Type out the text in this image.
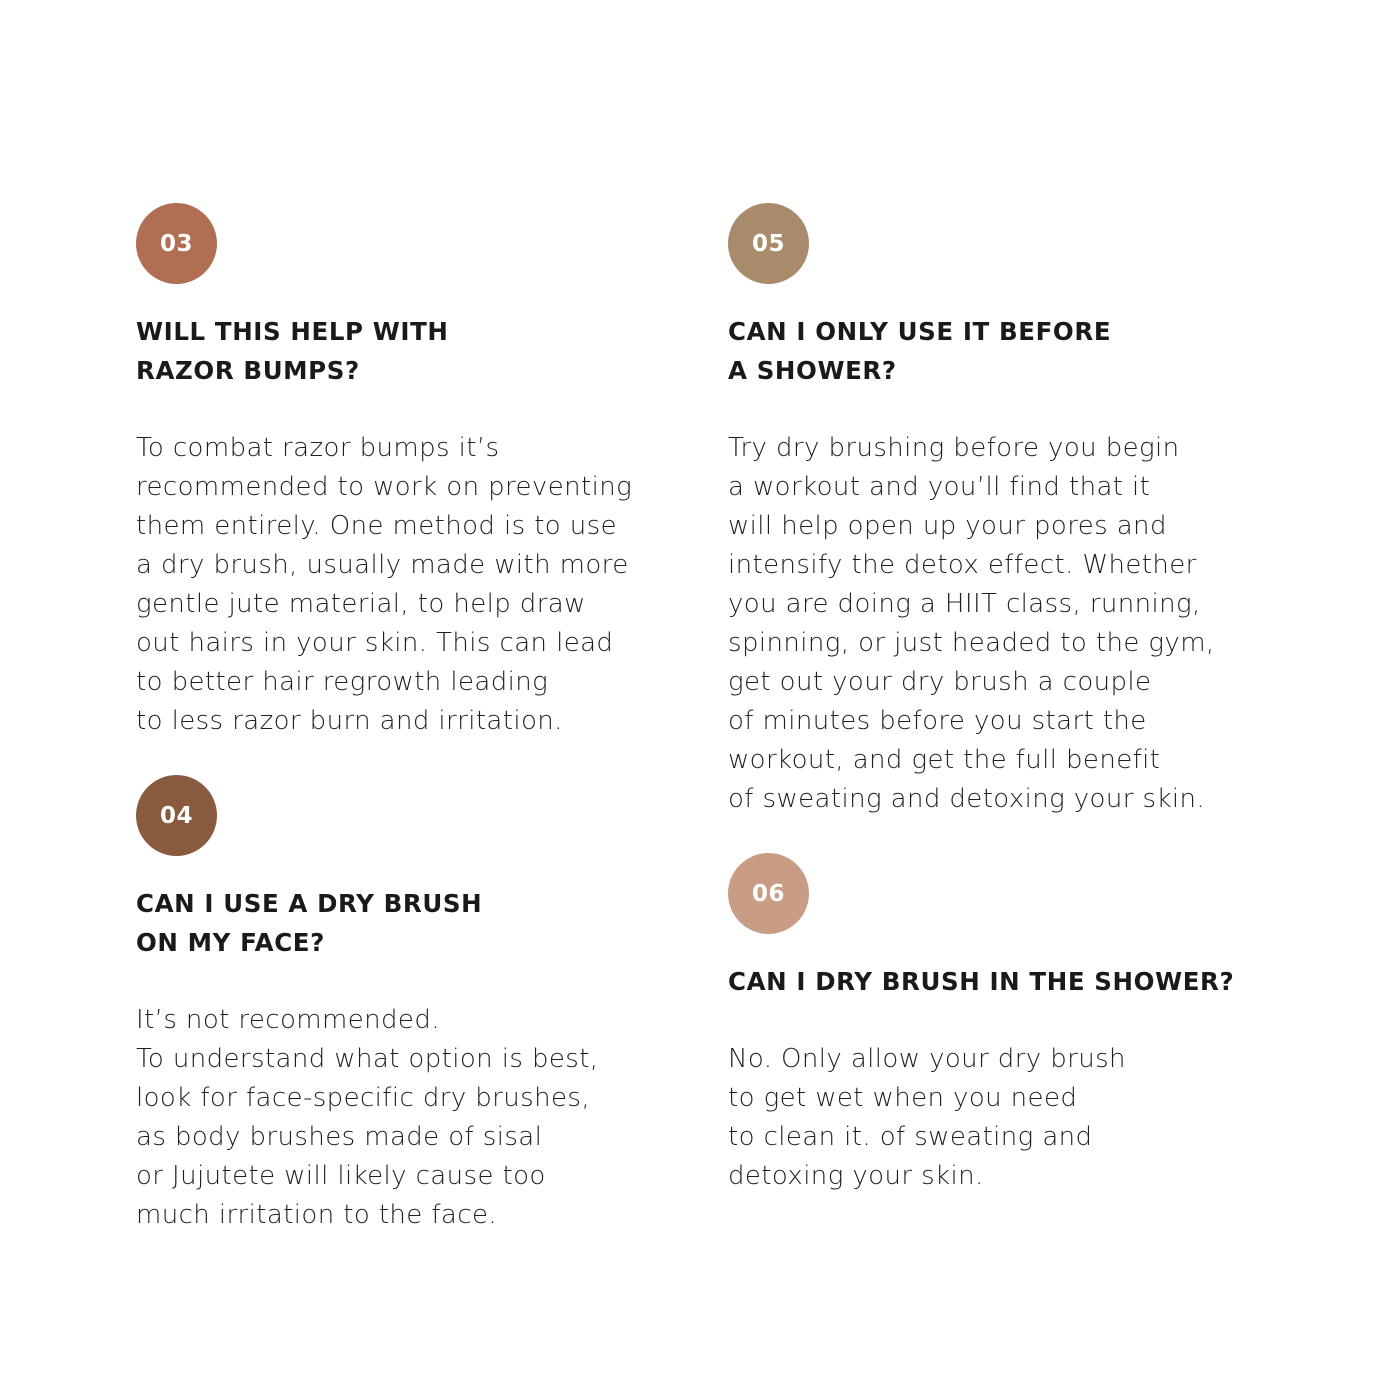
03
WILL THIS HELP WITH
RAZOR BUMPS?
To combat razor bumps it’s
recommended to work on preventing
them entirely. One method is to use
a dry brush, usually made with more
gentle jute material, to help draw
out hairs in your skin. This can lead
to better hair regrowth leading
to less razor burn and irritation.
04
CAN I USE A DRY BRUSH
ON MY FACE?
It’s not recommended.
To understand what option is best,
look for face-specific dry brushes,
as body brushes made of sisal
or Jujutete will likely cause too
much irritation to the face.
05
CAN I ONLY USE IT BEFORE
A SHOWER?
Try dry brushing before you begin
a workout and you’ll find that it
will help open up your pores and
intensify the detox effect. Whether
you are doing a HIIT class, running,
spinning, or just headed to the gym,
get out your dry brush a couple
of minutes before you start the
workout, and get the full benefit
of sweating and detoxing your skin.
06
CAN I DRY BRUSH IN THE SHOWER?
No. Only allow your dry brush
to get wet when you need
to clean it. of sweating and
detoxing your skin.
